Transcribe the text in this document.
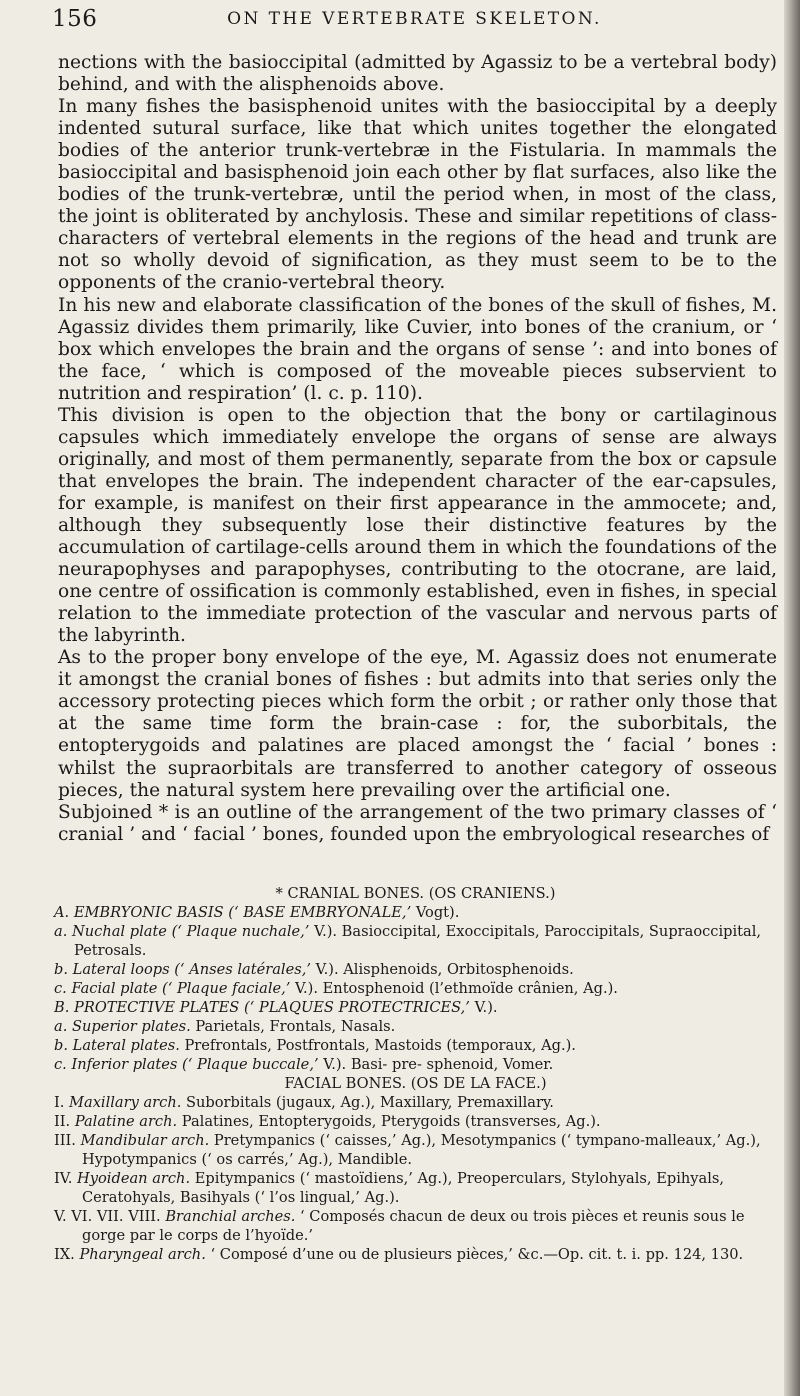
156	ON THE VERTEBRATE SKELETON.

nections with the basioccipital (admitted by Agassiz to be a vertebral body) behind, and with the alisphenoids above.

In many fishes the basisphenoid unites with the basioccipital by a deeply indented sutural surface, like that which unites together the elongated bodies of the anterior trunk-vertebræ in the Fistularia. In mammals the basioccipital and basisphenoid join each other by flat surfaces, also like the bodies of the trunk-vertebræ, until the period when, in most of the class, the joint is obliterated by anchylosis. These and similar repetitions of class-characters of vertebral elements in the regions of the head and trunk are not so wholly devoid of signification, as they must seem to be to the opponents of the cranio-vertebral theory.

In his new and elaborate classification of the bones of the skull of fishes, M. Agassiz divides them primarily, like Cuvier, into bones of the cranium, or ‘ box which envelopes the brain and the organs of sense ’: and into bones of the face, ‘ which is composed of the moveable pieces subservient to nutrition and respiration’ (l. c. p. 110).

This division is open to the objection that the bony or cartilaginous capsules which immediately envelope the organs of sense are always originally, and most of them permanently, separate from the box or capsule that envelopes the brain. The independent character of the ear-capsules, for example, is manifest on their first appearance in the ammocete; and, although they subsequently lose their distinctive features by the accumulation of cartilage-cells around them in which the foundations of the neurapophyses and parapophyses, contributing to the otocrane, are laid, one centre of ossification is commonly established, even in fishes, in special relation to the immediate protection of the vascular and nervous parts of the labyrinth.

As to the proper bony envelope of the eye, M. Agassiz does not enumerate it amongst the cranial bones of fishes : but admits into that series only the accessory protecting pieces which form the orbit ; or rather only those that at the same time form the brain-case : for, the suborbitals, the entopterygoids and palatines are placed amongst the ‘ facial ’ bones : whilst the supraorbitals are transferred to another category of osseous pieces, the natural system here prevailing over the artificial one.

Subjoined * is an outline of the arrangement of the two primary classes of ‘ cranial ’ and ‘ facial ’ bones, founded upon the embryological researches of

* CRANIAL BONES. (OS CRANIENS.)

A. EMBRYONIC BASIS (‘ BASE EMBRYONALE,’ Vogt).

a. Nuchal plate (‘ Plaque nuchale,’ V.). Basioccipital, Exoccipitals, Paroccipitals, Supraoccipital, Petrosals.

b. Lateral loops (‘ Anses latérales,’ V.). Alisphenoids, Orbitosphenoids.

c. Facial plate (‘ Plaque faciale,’ V.). Entosphenoid (l’ethmoïde crânien, Ag.).

B. PROTECTIVE PLATES (‘ PLAQUES PROTECTRICES,’ V.).

a. Superior plates. Parietals, Frontals, Nasals.

b. Lateral plates. Prefrontals, Postfrontals, Mastoids (temporaux, Ag.).

c. Inferior plates (‘ Plaque buccale,’ V.). Basi- pre- sphenoid, Vomer.

FACIAL BONES. (OS DE LA FACE.)

I. Maxillary arch. Suborbitals (jugaux, Ag.), Maxillary, Premaxillary.

II. Palatine arch. Palatines, Entopterygoids, Pterygoids (transverses, Ag.).

III. Mandibular arch. Pretympanics (‘ caisses,’ Ag.), Mesotympanics (‘ tympano-malleaux,’ Ag.), Hypotympanics (‘ os carrés,’ Ag.), Mandible.

IV. Hyoidean arch. Epitympanics (‘ mastoïdiens,’ Ag.), Preoperculars, Stylohyals, Epihyals, Ceratohyals, Basihyals (‘ l’os lingual,’ Ag.).

V. VI. VII. VIII. Branchial arches. ‘ Composés chacun de deux ou trois pièces et reunis sous le gorge par le corps de l’hyoïde.’

IX. Pharyngeal arch. ‘ Composé d’une ou de plusieurs pièces,’ &c.—Op. cit. t. i. pp. 124, 130.
